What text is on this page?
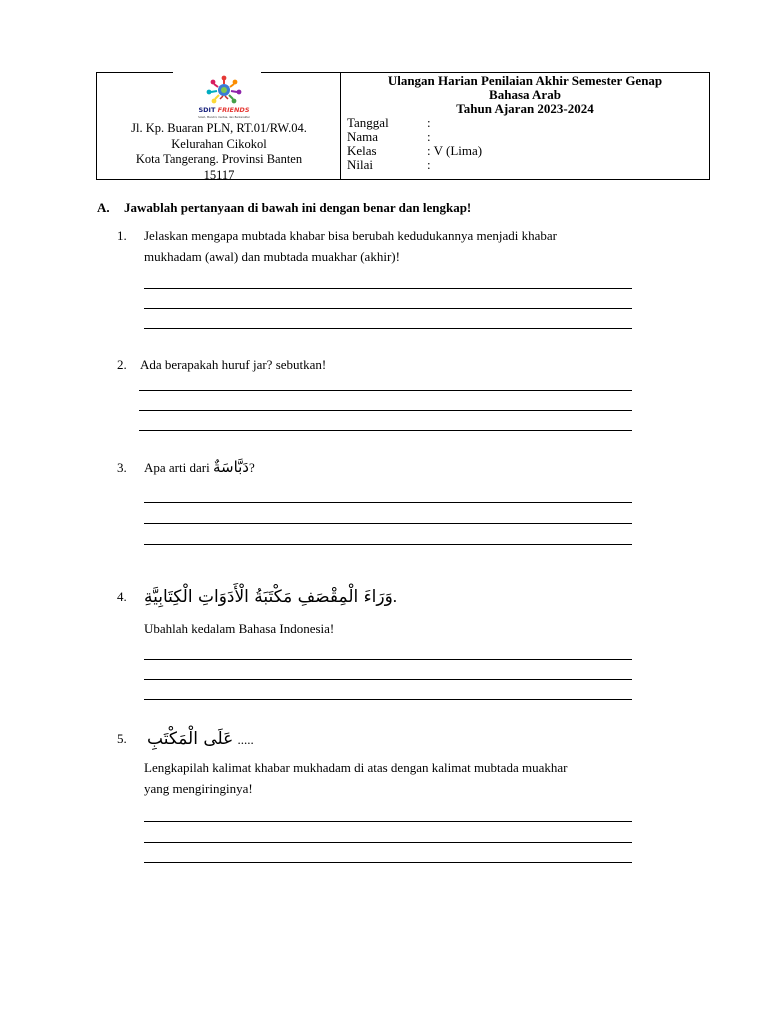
SDIT FRIENDS
Soleh, Mandiri, Cerdas, dan Berkarakter
Jl. Kp. Buaran PLN, RT.01/RW.04.
Kelurahan Cikokol
Kota Tangerang. Provinsi Banten
15117
Ulangan Harian Penilaian Akhir Semester Genap
Bahasa Arab
Tahun Ajaran 2023-2024
Tanggal	:
Nama	:
Kelas	: V (Lima)
Nilai	:
A. Jawablah pertanyaan di bawah ini dengan benar dan lengkap!
1. Jelaskan mengapa mubtada khabar bisa berubah kedudukannya menjadi khabar
mukhadam (awal) dan mubtada muakhar (akhir)!
2. Ada berapakah huruf jar? sebutkan!
3. Apa arti dari دَبَّاسَةٌ?
4. وَرَاءَ الْمِقْصَفِ مَكْتَبَةُ الْأَدَوَاتِ الْكِتَابِيَّةِ.
Ubahlah kedalam Bahasa Indonesia!
5. عَلَى الْمَكْتَبِ .....
Lengkapilah kalimat khabar mukhadam di atas dengan kalimat mubtada muakhar
yang mengiringinya!
